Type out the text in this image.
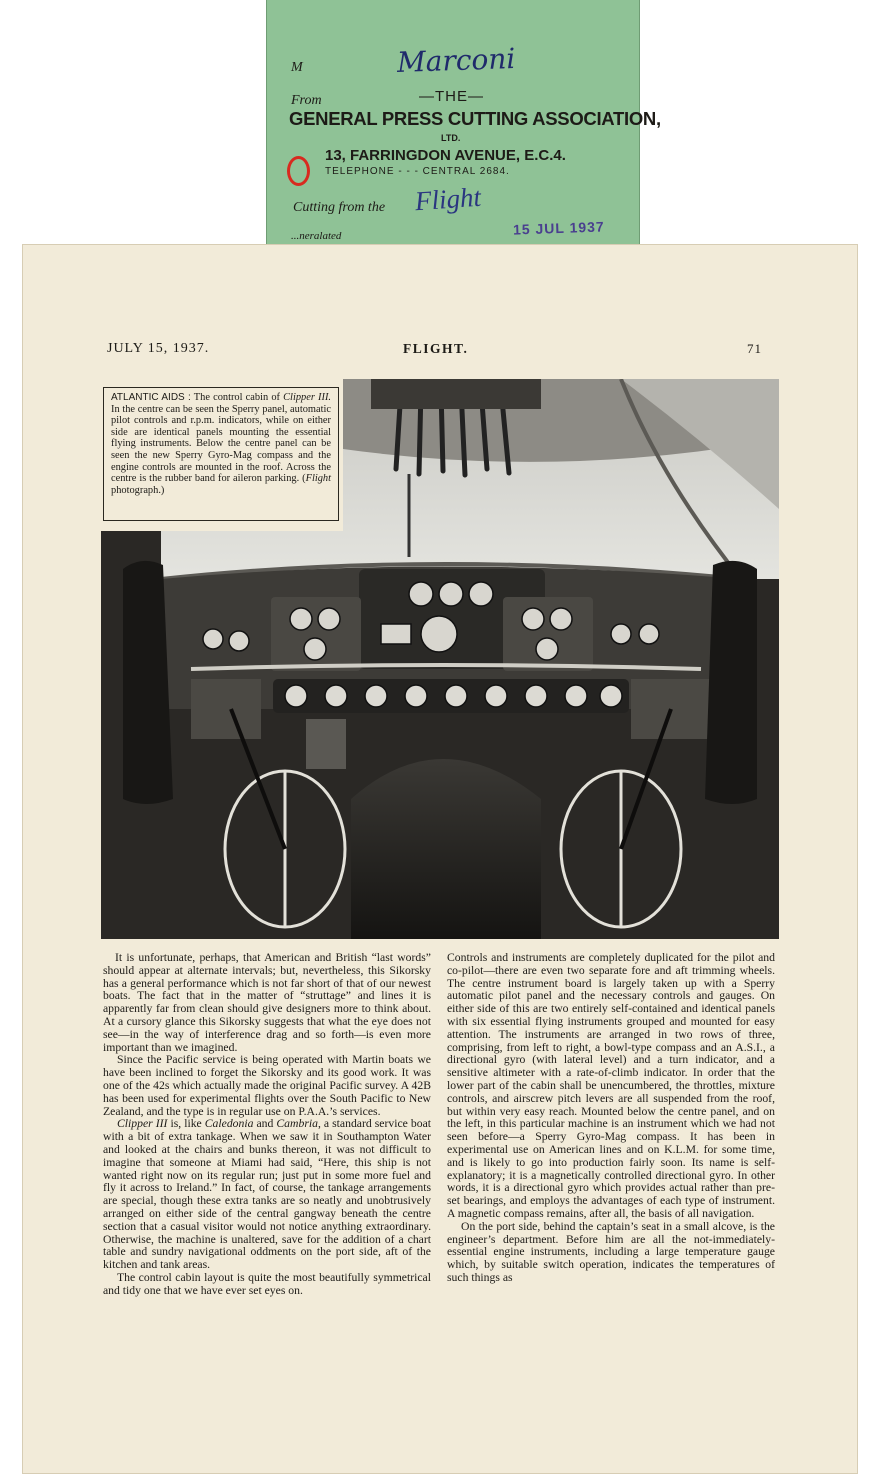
M	Marconi
From	—THE—
GENERAL PRESS CUTTING ASSOCIATION,
LTD.
13, FARRINGDON AVENUE, E.C.4.
TELEPHONE - - - CENTRAL 2684.
Cutting from the Flight
15 JUL 1937
...neralated
JULY 15, 1937.	FLIGHT.	71
ATLANTIC AIDS : The control cabin of Clipper III. In the centre can be seen the Sperry panel, automatic pilot controls and r.p.m. indicators, while on either side are identical panels mounting the essential flying instruments. Below the centre panel can be seen the new Sperry Gyro-Mag compass and the engine controls are mounted in the roof. Across the centre is the rubber band for aileron parking. (Flight photograph.)

It is unfortunate, perhaps, that American and British “last words” should appear at alternate intervals; but, nevertheless, this Sikorsky has a general performance which is not far short of that of our newest boats. The fact that in the matter of “struttage” and lines it is apparently far from clean should give designers more to think about. At a cursory glance this Sikorsky suggests that what the eye does not see—in the way of interference drag and so forth—is even more important than we imagined.

Since the Pacific service is being operated with Martin boats we have been inclined to forget the Sikorsky and its good work. It was one of the 42s which actually made the original Pacific survey. A 42B has been used for experimental flights over the South Pacific to New Zealand, and the type is in regular use on P.A.A.’s services.

Clipper III is, like Caledonia and Cambria, a standard service boat with a bit of extra tankage. When we saw it in Southampton Water and looked at the chairs and bunks thereon, it was not difficult to imagine that someone at Miami had said, “Here, this ship is not wanted right now on its regular run; just put in some more fuel and fly it across to Ireland.” In fact, of course, the tankage arrangements are special, though these extra tanks are so neatly and unobtrusively arranged on either side of the central gangway beneath the centre section that a casual visitor would not notice anything extraordinary. Otherwise, the machine is unaltered, save for the addition of a chart table and sundry navigational oddments on the port side, aft of the kitchen and tank areas.

The control cabin layout is quite the most beautifully symmetrical and tidy one that we have ever set eyes on.

Controls and instruments are completely duplicated for the pilot and co-pilot—there are even two separate fore and aft trimming wheels. The centre instrument board is largely taken up with a Sperry automatic pilot panel and the necessary controls and gauges. On either side of this are two entirely self-contained and identical panels with six essential flying instruments grouped and mounted for easy attention. The instruments are arranged in two rows of three, comprising, from left to right, a bowl-type compass and an A.S.I., a directional gyro (with lateral level) and a turn indicator, and a sensitive altimeter with a rate-of-climb indicator. In order that the lower part of the cabin shall be unencumbered, the throttles, mixture controls, and airscrew pitch levers are all suspended from the roof, but within very easy reach. Mounted below the centre panel, and on the left, in this particular machine is an instrument which we had not seen before—a Sperry Gyro-Mag compass. It has been in experimental use on American lines and on K.L.M. for some time, and is likely to go into production fairly soon. Its name is self-explanatory; it is a magnetically controlled directional gyro. In other words, it is a directional gyro which provides actual rather than pre-set bearings, and employs the advantages of each type of instrument. A magnetic compass remains, after all, the basis of all navigation.

On the port side, behind the captain’s seat in a small alcove, is the engineer’s department. Before him are all the not-immediately-essential engine instruments, including a large temperature gauge which, by suitable switch operation, indicates the temperatures of such things as
